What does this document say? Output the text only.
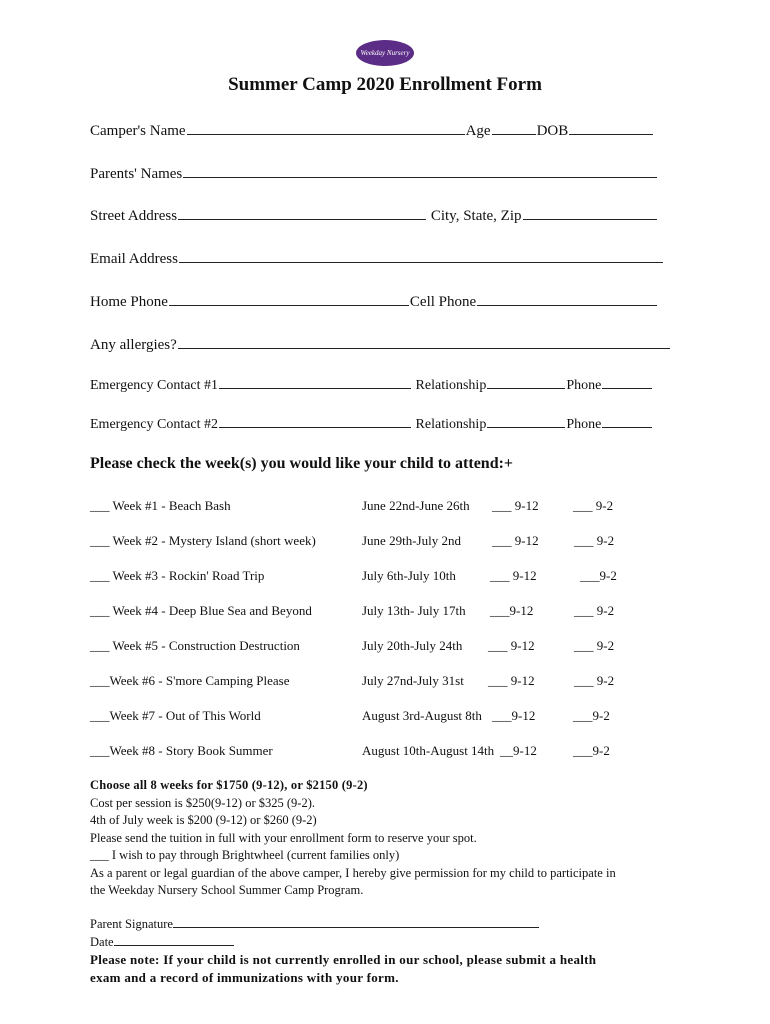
Weekday Nursery
Summer Camp 2020 Enrollment Form
Camper's Name	Age	DOB
Parents' Names
Street Address	City, State, Zip
Email Address
Home Phone	Cell Phone
Any allergies?
Emergency Contact #1	Relationship	Phone
Emergency Contact #2	Relationship	Phone
Please check the week(s) you would like your child to attend:+
___ Week #1 - Beach Bash	June 22nd-June 26th ___ 9-12	___ 9-2
___ Week #2 - Mystery Island (short week)	June 29th-July 2nd ___ 9-12	___ 9-2
___ Week #3 - Rockin' Road Trip	July 6th-July 10th	___ 9-12	___9-2
___ Week #4 - Deep Blue Sea and Beyond	July 13th- July 17th ___9-12	___ 9-2
___ Week #5 - Construction Destruction	July 20th-July 24th ___ 9-12	___ 9-2
___Week #6 - S'more Camping Please	July 27nd-July 31st ___ 9-12	___ 9-2
___Week #7 - Out of This World	August 3rd-August 8th ___9-12	___9-2
___Week #8 - Story Book Summer	August 10th-August 14th __9-12	___9-2
Choose all 8 weeks for $1750 (9-12), or $2150 (9-2)
Cost per session is $250(9-12) or $325 (9-2).
4th of July week is $200 (9-12) or $260 (9-2)
Please send the tuition in full with your enrollment form to reserve your spot.
___ I wish to pay through Brightwheel (current families only)
As a parent or legal guardian of the above camper, I hereby give permission for my child to participate in
the Weekday Nursery School Summer Camp Program.
Parent Signature
Date
Please note: If your child is not currently enrolled in our school, please submit a health
exam and a record of immunizations with your form.
